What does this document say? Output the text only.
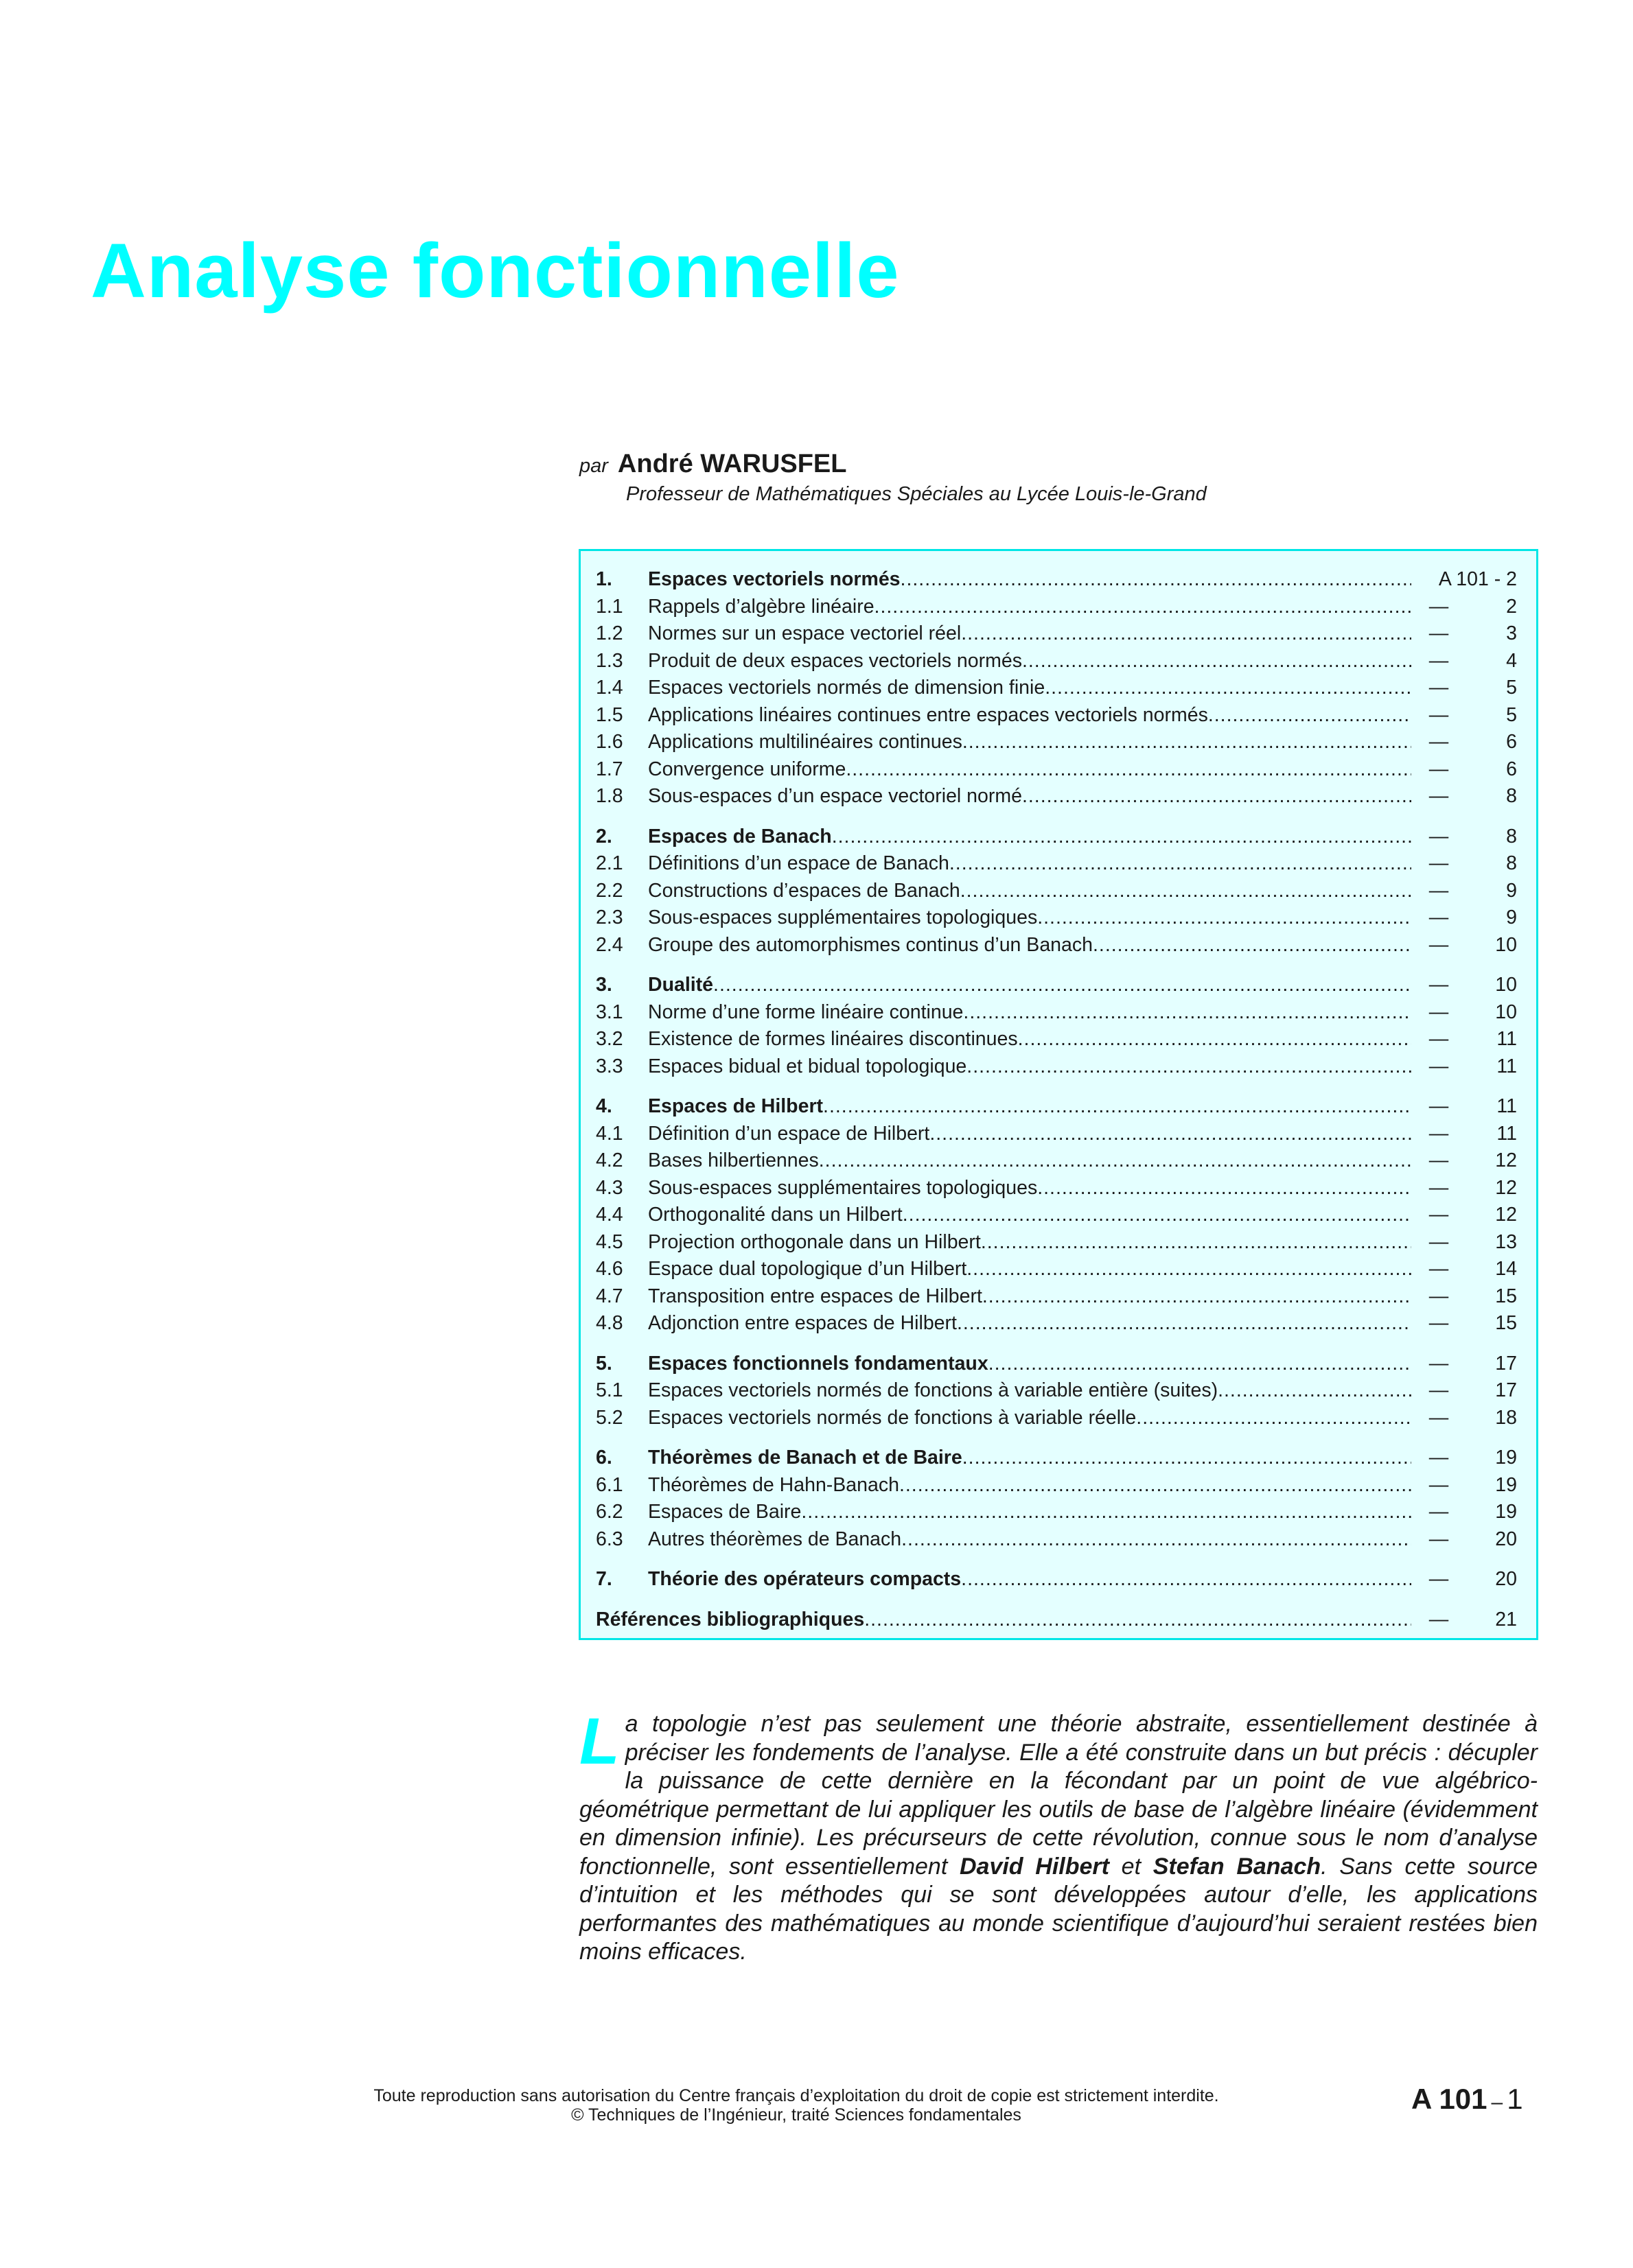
Analyse fonctionnelle
par André WARUSFEL
Professeur de Mathématiques Spéciales au Lycée Louis-le-Grand
1.	Espaces vectoriels normés .....	A 101 - 2
1.1	Rappels d’algèbre linéaire .....	—	2
1.2	Normes sur un espace vectoriel réel .....	—	3
1.3	Produit de deux espaces vectoriels normés .....	—	4
1.4	Espaces vectoriels normés de dimension finie .....	—	5
1.5	Applications linéaires continues entre espaces vectoriels normés .....	—	5
1.6	Applications multilinéaires continues .....	—	6
1.7	Convergence uniforme .....	—	6
1.8	Sous-espaces d’un espace vectoriel normé .....	—	8
2.	Espaces de Banach .....	—	8
2.1	Définitions d’un espace de Banach .....	—	8
2.2	Constructions d’espaces de Banach .....	—	9
2.3	Sous-espaces supplémentaires topologiques .....	—	9
2.4	Groupe des automorphismes continus d’un Banach .....	—	10
3.	Dualité .....	—	10
3.1	Norme d’une forme linéaire continue .....	—	10
3.2	Existence de formes linéaires discontinues .....	—	11
3.3	Espaces bidual et bidual topologique .....	—	11
4.	Espaces de Hilbert .....	—	11
4.1	Définition d’un espace de Hilbert .....	—	11
4.2	Bases hilbertiennes .....	—	12
4.3	Sous-espaces supplémentaires topologiques .....	—	12
4.4	Orthogonalité dans un Hilbert .....	—	12
4.5	Projection orthogonale dans un Hilbert .....	—	13
4.6	Espace dual topologique d’un Hilbert .....	—	14
4.7	Transposition entre espaces de Hilbert .....	—	15
4.8	Adjonction entre espaces de Hilbert .....	—	15
5.	Espaces fonctionnels fondamentaux .....	—	17
5.1	Espaces vectoriels normés de fonctions à variable entière (suites) .....	—	17
5.2	Espaces vectoriels normés de fonctions à variable réelle .....	—	18
6.	Théorèmes de Banach et de Baire .....	—	19
6.1	Théorèmes de Hahn-Banach .....	—	19
6.2	Espaces de Baire .....	—	19
6.3	Autres théorèmes de Banach .....	—	20
7.	Théorie des opérateurs compacts .....	—	20
Références bibliographiques .....	—	21
La topologie n’est pas seulement une théorie abstraite, essentiellement destinée à préciser les fondements de l’analyse. Elle a été construite dans un but précis : décupler la puissance de cette dernière en la fécondant par un point de vue algébrico-géométrique permettant de lui appliquer les outils de base de l’algèbre linéaire (évidemment en dimension infinie). Les précurseurs de cette révolution, connue sous le nom d’analyse fonctionnelle, sont essentiellement David Hilbert et Stefan Banach. Sans cette source d’intuition et les méthodes qui se sont développées autour d’elle, les applications performantes des mathématiques au monde scientifique d’aujourd’hui seraient restées bien moins efficaces.
Toute reproduction sans autorisation du Centre français d’exploitation du droit de copie est strictement interdite.
© Techniques de l’Ingénieur, traité Sciences fondamentales	A 101 – 1
